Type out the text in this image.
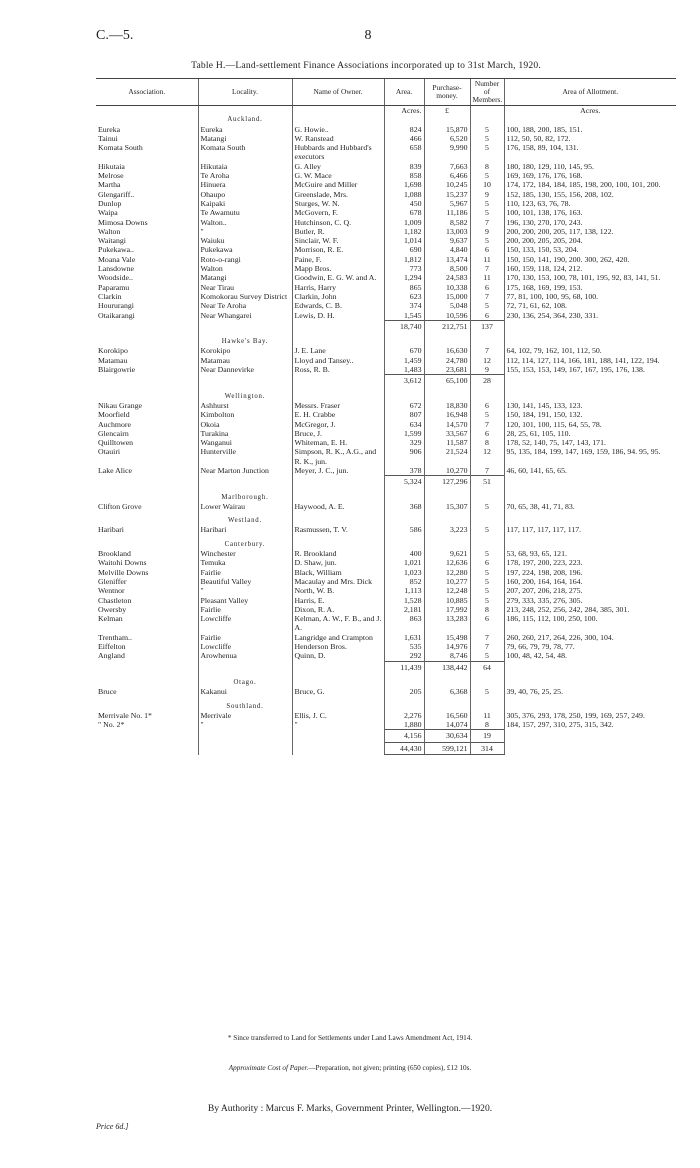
C.—5.	8
Table H.—Land-settlement Finance Associations incorporated up to 31st March, 1920.
Association.	Locality.	Name of Owner.	Area.	Purchase-money.	Number of Members.	Area of Allotment.
			Acres.	£		Acres.
	Auckland.					
Eureka	Eureka	G. Howie..	824	15,870	5	100, 188, 200, 185, 151.
Tainui	Matangi	W. Ranstead	466	6,520	5	112, 50, 50, 82, 172.
Komata South	Komata South	Hubbards and Hubbard's executors	658	9,990	5	176, 158, 89, 104, 131.
Hikutaia	Hikutaia	G. Alley	839	7,663	8	180, 180, 129, 110, 145, 95.
Melrose	Te Aroha	G. W. Mace	858	6,466	5	169, 169, 176, 176, 168.
Martha	Hinuera	McGuire and Miller	1,698	10,245	10	174, 172, 184, 184, 185, 198, 200, 100, 101, 200.
Glengariff..	Ohaupo	Greenslade, Mrs.	1,088	15,237	9	152, 185, 130, 155, 156, 208, 102.
Dunlop	Kaipaki	Sturges, W. N.	450	5,967	5	110, 123, 63, 76, 78.
Waipa	Te Awamutu	McGovern, F.	678	11,186	5	100, 101, 138, 176, 163.
Mimosa Downs	Walton..	Hutchinson, C. Q.	1,009	8,582	7	196, 130, 270, 170, 243.
Walton	"	Butler, R.	1,182	13,003	9	200, 200, 200, 205, 117, 138, 122.
Waitangi	Waiuku	Sinclair, W. F.	1,014	9,637	5	200, 200, 205, 205, 204.
Pukekawa..	Pukekawa	Morrison, R. E.	690	4,840	6	150, 133, 150, 53, 204.
Moana Vale	Roto-o-rangi	Paine, F.	1,812	13,474	11	150, 150, 141, 190, 200. 300, 262, 420.
Lansdowne	Walton	Mapp Bros.	773	8,500	7	160, 159, 118, 124, 212.
Woodside..	Matangi	Goodwin, E. G. W. and A.	1,294	24,583	11	170, 130, 153, 100, 78, 101, 195, 92, 83, 141, 51.
Paparamu	Near Tirau	Harris, Harry	865	10,338	6	175, 168, 169, 199, 153.
Clarkin	Komokorau Survey District	Clarkin, John	623	15,000	7	77, 81, 100, 100, 95, 68, 100.
Hoururangi	Near Te Aroha	Edwards, C. B.	374	5,048	5	72, 71, 61, 62, 108.
Otaikarangi	Near Whangarei	Lewis, D. H.	1,545	10,596	6	230, 136, 254, 364, 230, 331.
			18,740	212,751	137	

	Hawke's Bay.					
Korokipo	Korokipo	J. E. Lane	670	16,630	7	64, 102, 79, 162, 101, 112, 50.
Matamau	Matamau	Lloyd and Tansey..	1,459	24,780	12	112, 114, 127, 114, 166, 181, 188, 141, 122, 194.
Blairgowrie	Near Dannevirke	Ross, R. B.	1,483	23,681	9	155, 153, 153, 149, 167, 167, 195, 176, 138.
			3,612	65,100	28	

	Wellington.					
Nikau Grange	Ashhurst	Messrs. Fraser	672	18,830	6	130, 141, 145, 133, 123.
Moorfield	Kimbolton	E. H. Crabbe	807	16,948	5	150, 184, 191, 150, 132.
Auchmore	Okoia	McGregor, J.	634	14,570	7	120, 101, 100, 115, 64, 55, 78.
Glencairn	Turakina	Bruce, J.	1,599	33,567	6	28, 25, 61, 105, 110.
Quilltowen	Wanganui	Whiteman, E. H.	329	11,587	8	178, 52, 140, 75, 147, 143, 171.
Otauiri	Hunterville	Simpson, R. K., A.G., and R. K., jun.	906	21,524	12	95, 135, 184, 199, 147, 169, 159, 186, 94. 95, 95.
Lake Alice	Near Marton Junction	Meyer, J. C., jun.	378	10,270	7	46, 60, 141, 65, 65.
			5,324	127,296	51	

	Marlborough.					
Clifton Grove	Lower Wairau	Haywood, A. E.	368	15,307	5	70, 65, 38, 41, 71, 83.

	Westland.					
Haribari	Haribari	Rasmussen, T. V.	586	3,223	5	117, 117, 117, 117, 117.

	Canterbury.					
Brookland	Winchester	R. Brookland	400	9,621	5	53, 68, 93, 65, 121.
Waitohi Downs	Temuka	D. Shaw, jun.	1,021	12,636	6	178, 197, 200, 223, 223.
Melville Downs	Fairlie	Black, William	1,023	12,280	5	197, 224, 198, 208, 196.
Gleniffer	Beautiful Valley	Macaulay and Mrs. Dick	852	10,277	5	160, 200, 164, 164, 164.
Wentnor	"	North, W. B.	1,113	12,248	5	207, 207, 206, 218, 275.
Chastleton	Pleasant Valley	Harris, E.	1,528	10,885	5	279, 333, 335, 276, 305.
Owersby	Fairlie	Dixon, R. A.	2,181	17,992	8	213, 248, 252, 256, 242, 284, 385, 301.
Kelman	Lowcliffe	Kelman, A. W., F. B., and J. A.	863	13,283	6	186, 115, 112, 100, 250, 100.
Trentham..	Fairlie	Langridge and Crampton	1,631	15,498	7	260, 260, 217, 264, 226, 300, 104.
Eiffelton	Lowcliffe	Henderson Bros.	535	14,976	7	79, 66, 79, 79, 78, 77.
Angland	Arowhenua	Quinn, D.	292	8,746	5	100, 48, 42, 54, 48.
			11,439	138,442	64	

	Otago.					
Bruce	Kakanui	Bruce, G.	205	6,368	5	39, 40, 76, 25, 25.

	Southland.					
Merrivale No. 1*	Merrivale	Ellis, J. C.	2,276	16,560	11	305, 376, 293, 178, 250, 199, 169, 257, 249.
" No. 2*	"	"	1,880	14,074	8	184, 157, 297, 310, 275, 315, 342.
			4,156	30,634	19	
			44,430	599,121	314	
* Since transferred to Land for Settlements under Land Laws Amendment Act, 1914.
Approximate Cost of Paper.—Preparation, not given; printing (650 copies), £12 10s.
By Authority : Marcus F. Marks, Government Printer, Wellington.—1920.
Price 6d.]
